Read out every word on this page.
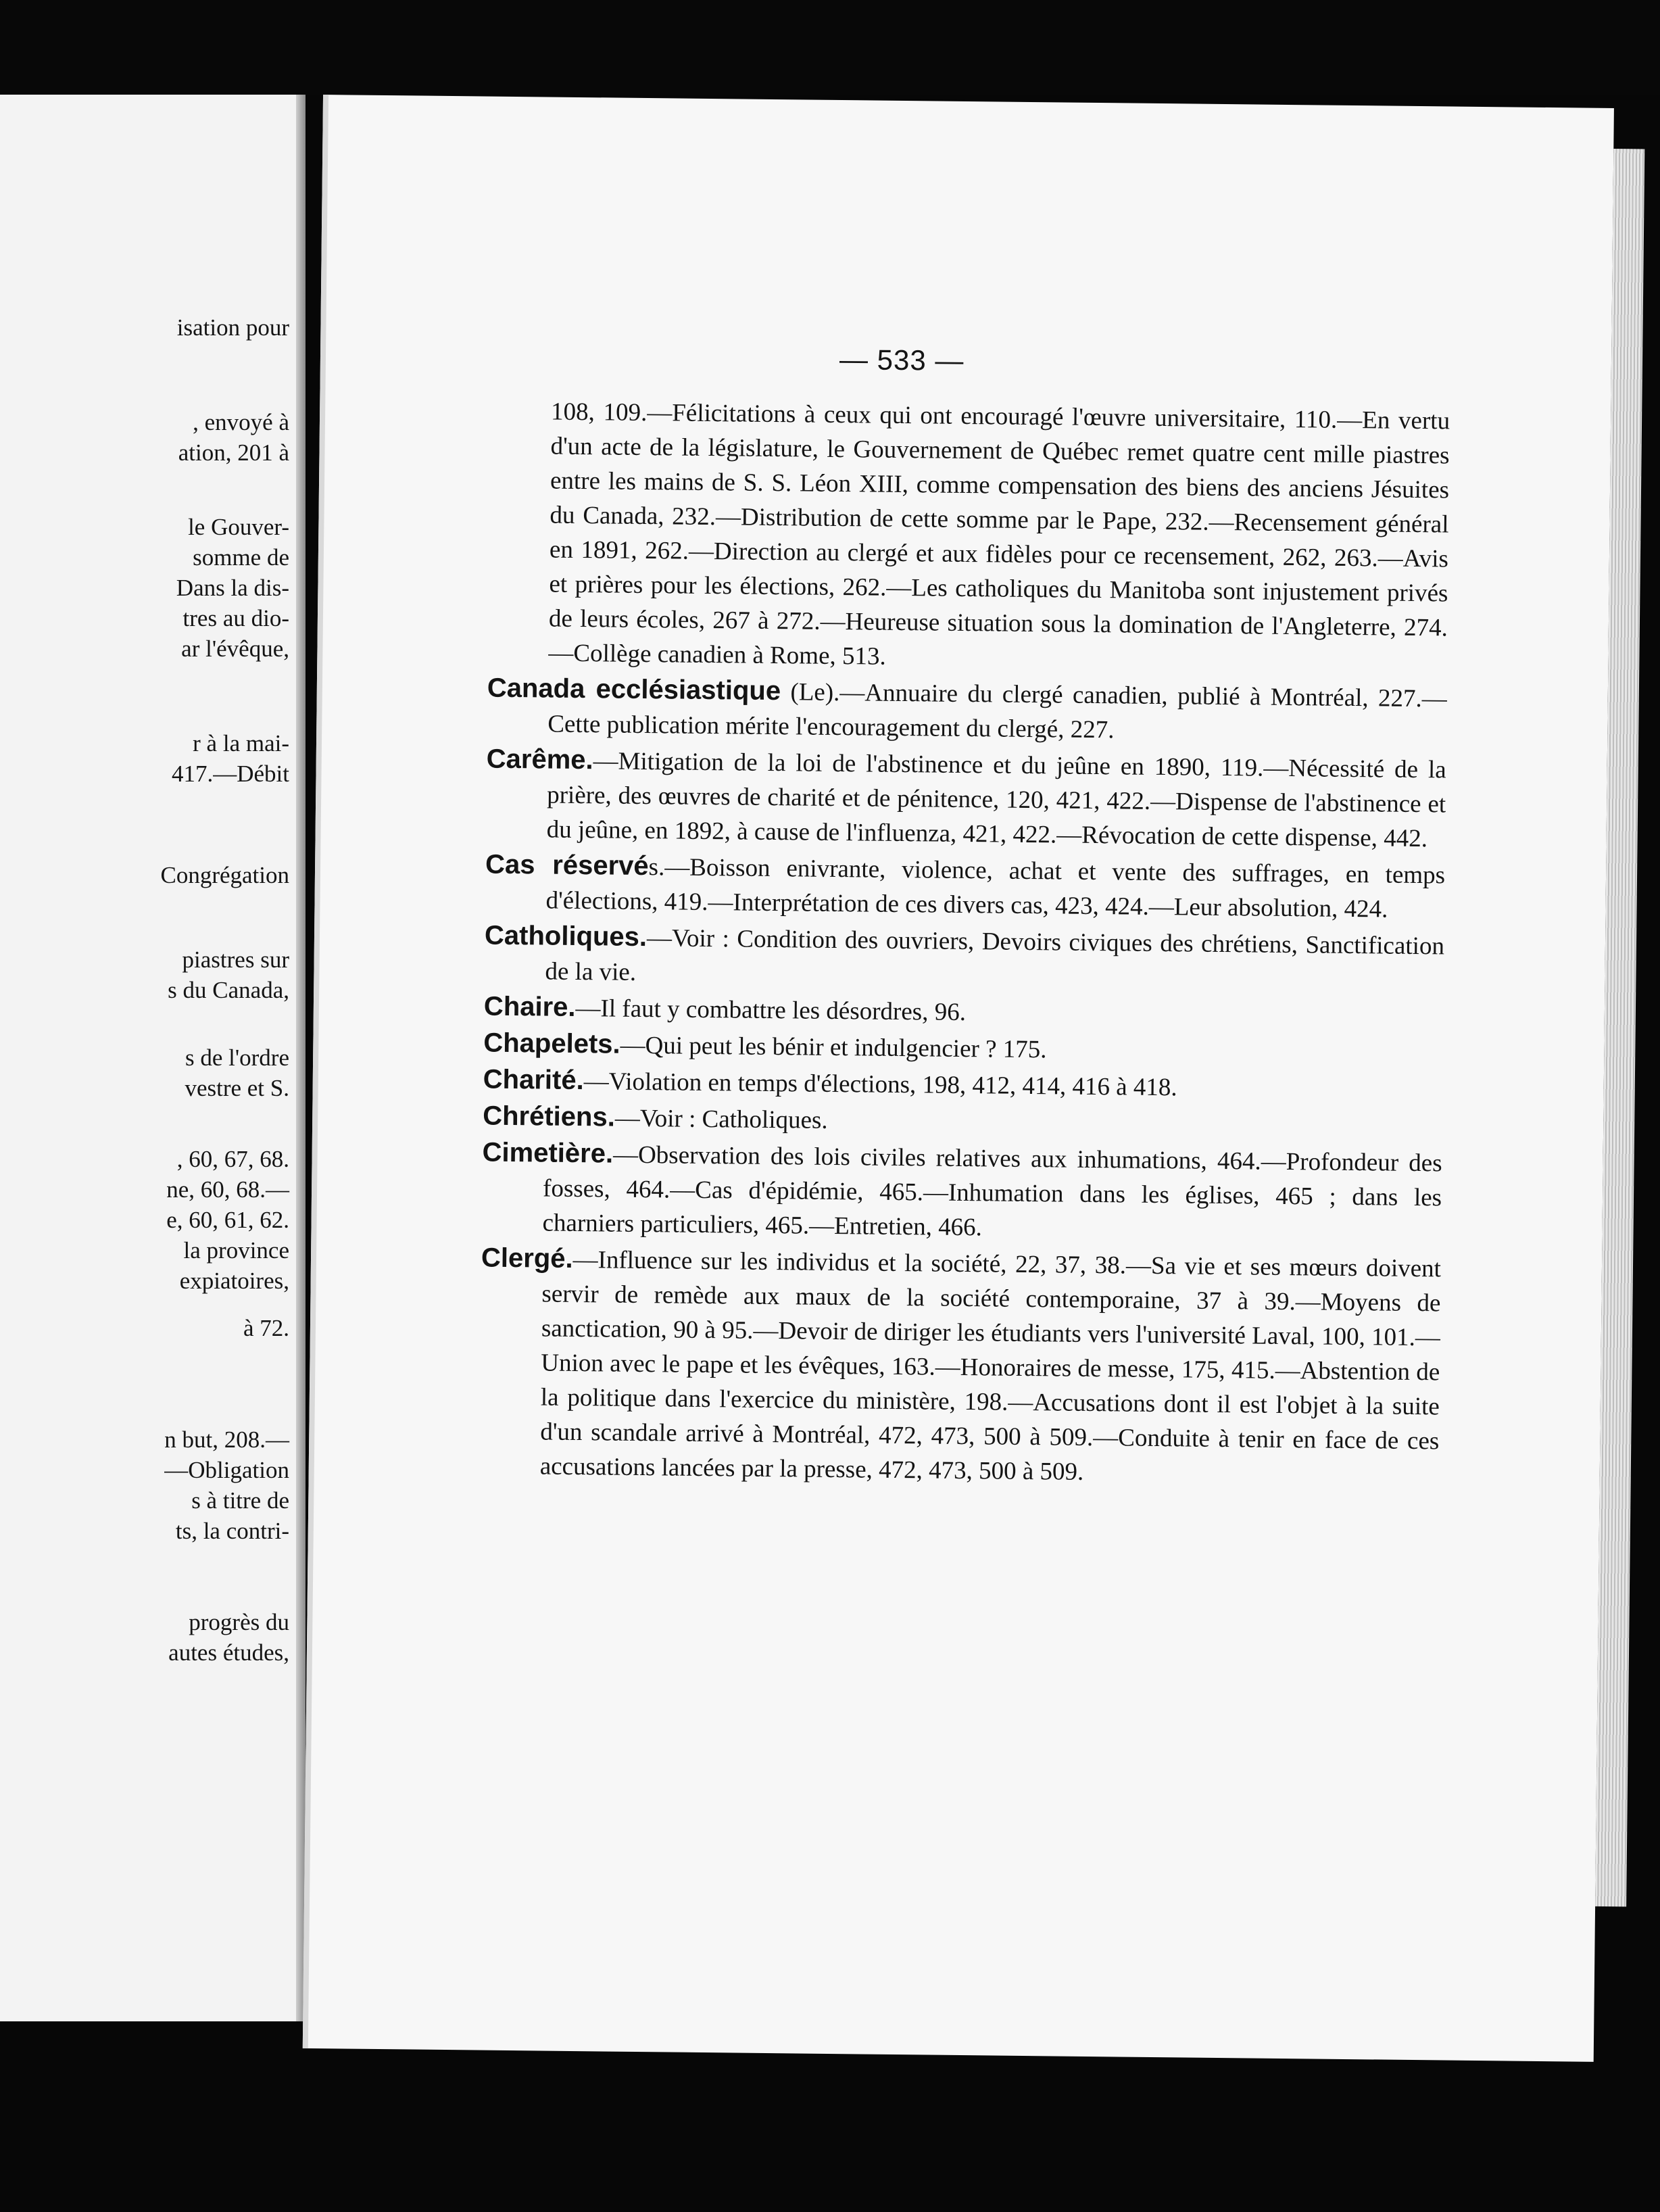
isation pour
, envoyé à
ation, 201 à
le Gouver-
somme de
Dans la dis-
tres au dio-
ar l'évêque,
r à la mai-
417.—Débit
Congrégation
piastres sur
s du Canada,
s de l'ordre
vestre et S.
, 60, 67, 68.
ne, 60, 68.—
e, 60, 61, 62.
la province
expiatoires,
à 72.
n but, 208.—
—Obligation
s à titre de
ts, la contri-
progrès du
autes études,
— 533 —
108, 109.—Félicitations à ceux qui ont encouragé l'œuvre universitaire, 110.—En vertu d'un acte de la législature, le Gouvernement de Québec remet quatre cent mille piastres entre les mains de S. S. Léon XIII, comme compensation des biens des anciens Jésuites du Canada, 232.—Distribution de cette somme par le Pape, 232.—Recensement général en 1891, 262.—Direction au clergé et aux fidèles pour ce recensement, 262, 263.—Avis et prières pour les élections, 262.—Les catholiques du Manitoba sont injustement privés de leurs écoles, 267 à 272.—Heureuse situation sous la domination de l'Angleterre, 274.—Collège canadien à Rome, 513.
Canada ecclésiastique (Le).—Annuaire du clergé canadien, publié à Montréal, 227.—Cette publication mérite l'encouragement du clergé, 227.
Carême.—Mitigation de la loi de l'abstinence et du jeûne en 1890, 119.—Nécessité de la prière, des œuvres de charité et de pénitence, 120, 421, 422.—Dispense de l'abstinence et du jeûne, en 1892, à cause de l'influenza, 421, 422.—Révocation de cette dispense, 442.
Cas réservés.—Boisson enivrante, violence, achat et vente des suffrages, en temps d'élections, 419.—Interprétation de ces divers cas, 423, 424.—Leur absolution, 424.
Catholiques.—Voir : Condition des ouvriers, Devoirs civiques des chrétiens, Sanctification de la vie.
Chaire.—Il faut y combattre les désordres, 96.
Chapelets.—Qui peut les bénir et indulgencier ? 175.
Charité.—Violation en temps d'élections, 198, 412, 414, 416 à 418.
Chrétiens.—Voir : Catholiques.
Cimetière.—Observation des lois civiles relatives aux inhumations, 464.—Profondeur des fosses, 464.—Cas d'épidémie, 465.—Inhumation dans les églises, 465 ; dans les charniers particuliers, 465.—Entretien, 466.
Clergé.—Influence sur les individus et la société, 22, 37, 38.—Sa vie et ses mœurs doivent servir de remède aux maux de la société contemporaine, 37 à 39.—Moyens de sanctication, 90 à 95.—Devoir de diriger les étudiants vers l'université Laval, 100, 101.—Union avec le pape et les évêques, 163.—Honoraires de messe, 175, 415.—Abstention de la politique dans l'exercice du ministère, 198.—Accusations dont il est l'objet à la suite d'un scandale arrivé à Montréal, 472, 473, 500 à 509.—Conduite à tenir en face de ces accusations lancées par la presse, 472, 473, 500 à 509.
